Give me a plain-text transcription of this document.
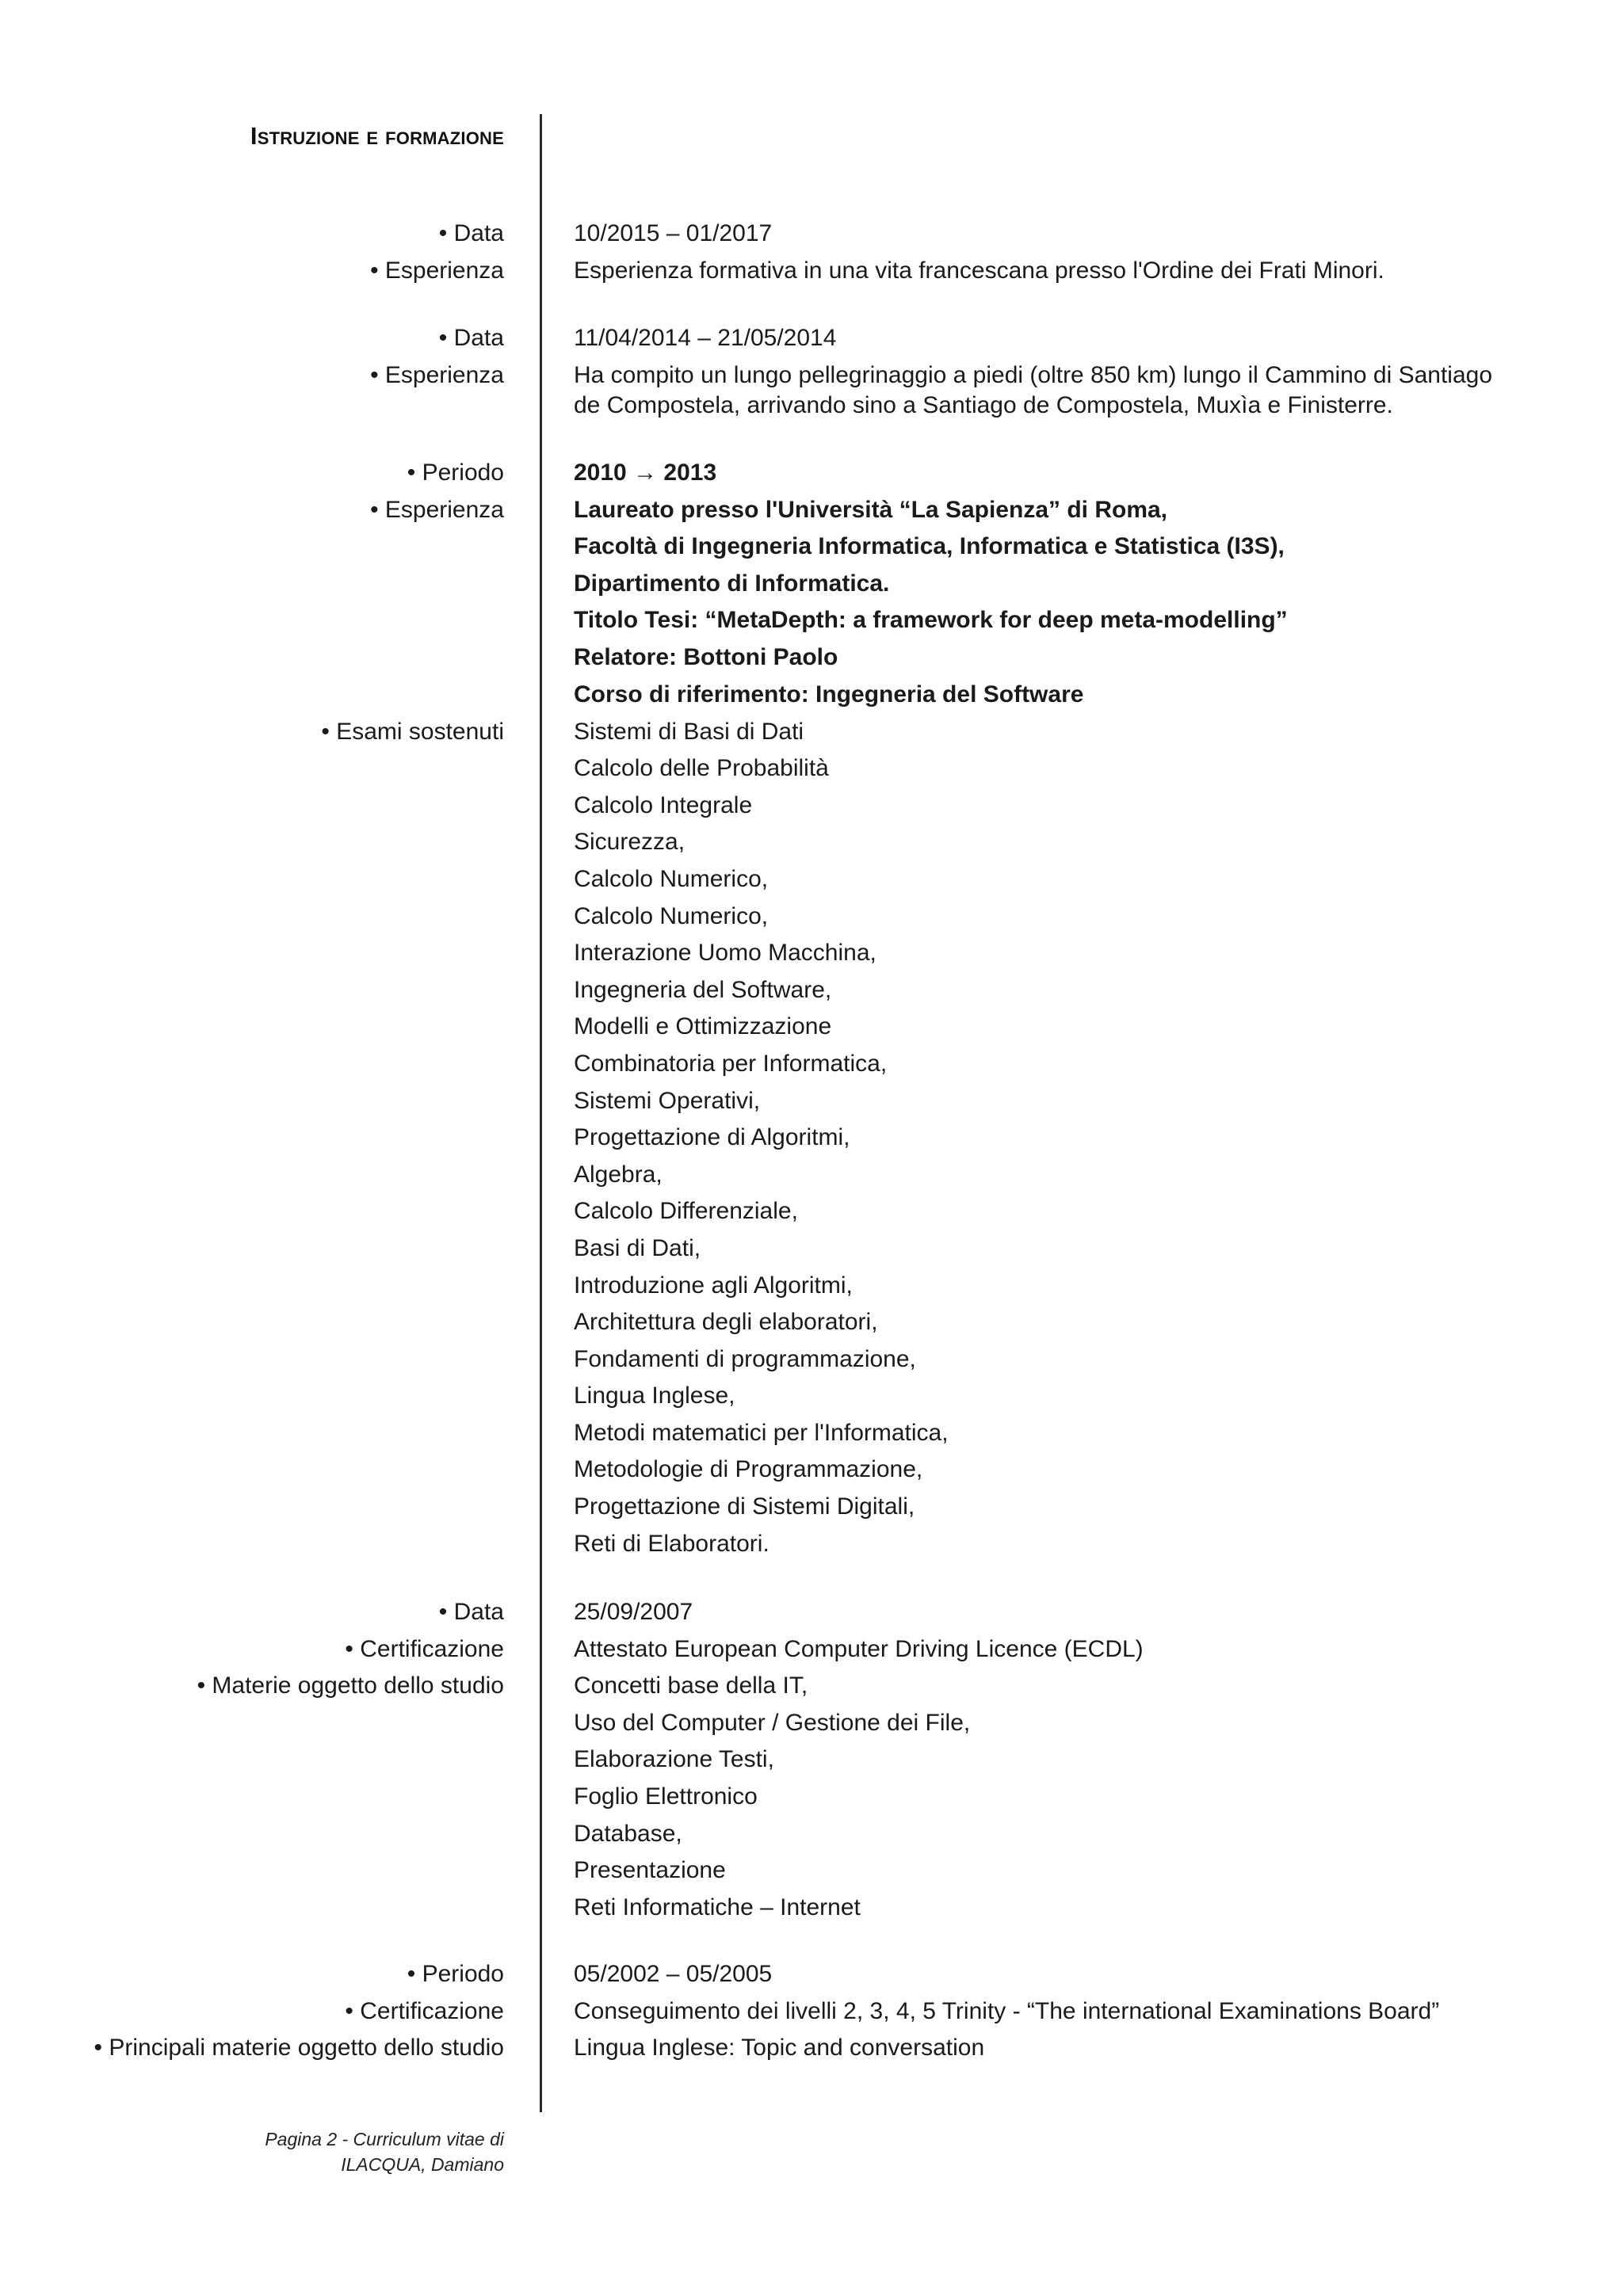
Istruzione e formazione
• Data	10/2015 – 01/2017
• Esperienza	Esperienza formativa in una vita francescana presso l'Ordine dei Frati Minori.
• Data	11/04/2014 – 21/05/2014
• Esperienza	Ha compito un lungo pellegrinaggio a piedi (oltre 850 km) lungo il Cammino di Santiago de Compostela, arrivando sino a Santiago de Compostela, Muxìa e Finisterre.
• Periodo	2010 → 2013
• Esperienza	Laureato presso l'Università “La Sapienza” di Roma,
Facoltà di Ingegneria Informatica, Informatica e Statistica (I3S),
Dipartimento di Informatica.
Titolo Tesi: “MetaDepth: a framework for deep meta-modelling”
Relatore: Bottoni Paolo
Corso di riferimento: Ingegneria del Software
• Esami sostenuti	Sistemi di Basi di Dati
Calcolo delle Probabilità
Calcolo Integrale
Sicurezza,
Calcolo Numerico,
Calcolo Numerico,
Interazione Uomo Macchina,
Ingegneria del Software,
Modelli e Ottimizzazione
Combinatoria per Informatica,
Sistemi Operativi,
Progettazione di Algoritmi,
Algebra,
Calcolo Differenziale,
Basi di Dati,
Introduzione agli Algoritmi,
Architettura degli elaboratori,
Fondamenti di programmazione,
Lingua Inglese,
Metodi matematici per l'Informatica,
Metodologie di Programmazione,
Progettazione di Sistemi Digitali,
Reti di Elaboratori.
• Data	25/09/2007
• Certificazione	Attestato European Computer Driving Licence (ECDL)
• Materie oggetto dello studio	Concetti base della IT,
Uso del Computer / Gestione dei File,
Elaborazione Testi,
Foglio Elettronico
Database,
Presentazione
Reti Informatiche – Internet
• Periodo	05/2002 – 05/2005
• Certificazione	Conseguimento dei livelli 2, 3, 4, 5 Trinity - “The international Examinations Board”
• Principali materie oggetto dello studio	Lingua Inglese: Topic and conversation
Pagina 2 - Curriculum vitae di
ILACQUA, Damiano
